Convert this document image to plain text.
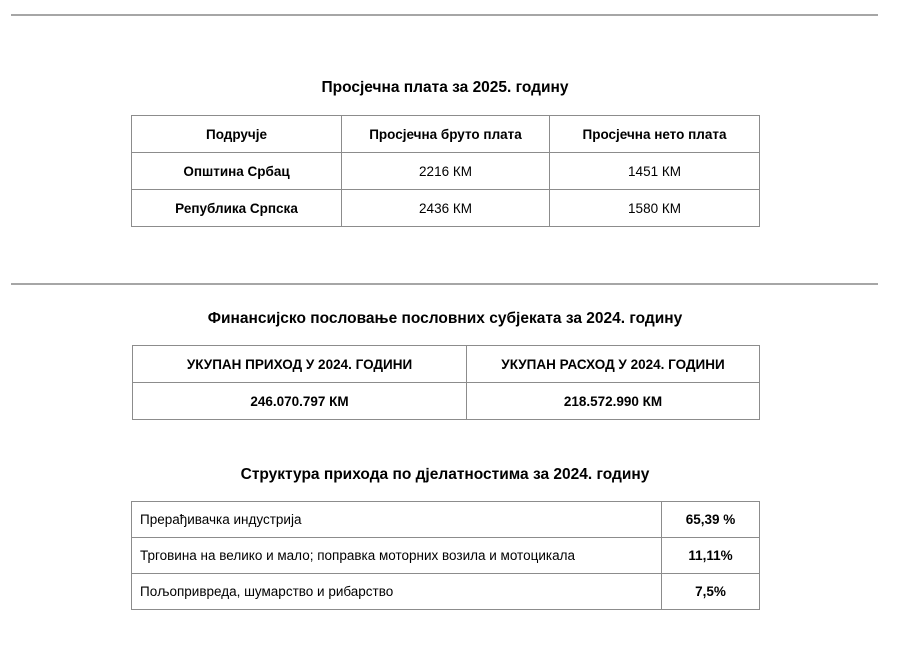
Просјечна плата за 2025. годину
Подручје	Просјечна бруто плата	Просјечна нето плата
Општина Србац	2216 КМ	1451 КМ
Република Српска	2436 КМ	1580 КМ
Финансијско пословање пословних субјеката за 2024. годину
УКУПАН ПРИХОД У 2024. ГОДИНИ	УКУПАН РАСХОД У 2024. ГОДИНИ
246.070.797 КМ	218.572.990 КМ
Структура прихода по дјелатностима за 2024. годину
Прерађивачка индустрија	65,39 %
Трговина на велико и мало; поправка моторних возила и мотоцикала	11,11%
Пољопривреда, шумарство и рибарство	7,5%
